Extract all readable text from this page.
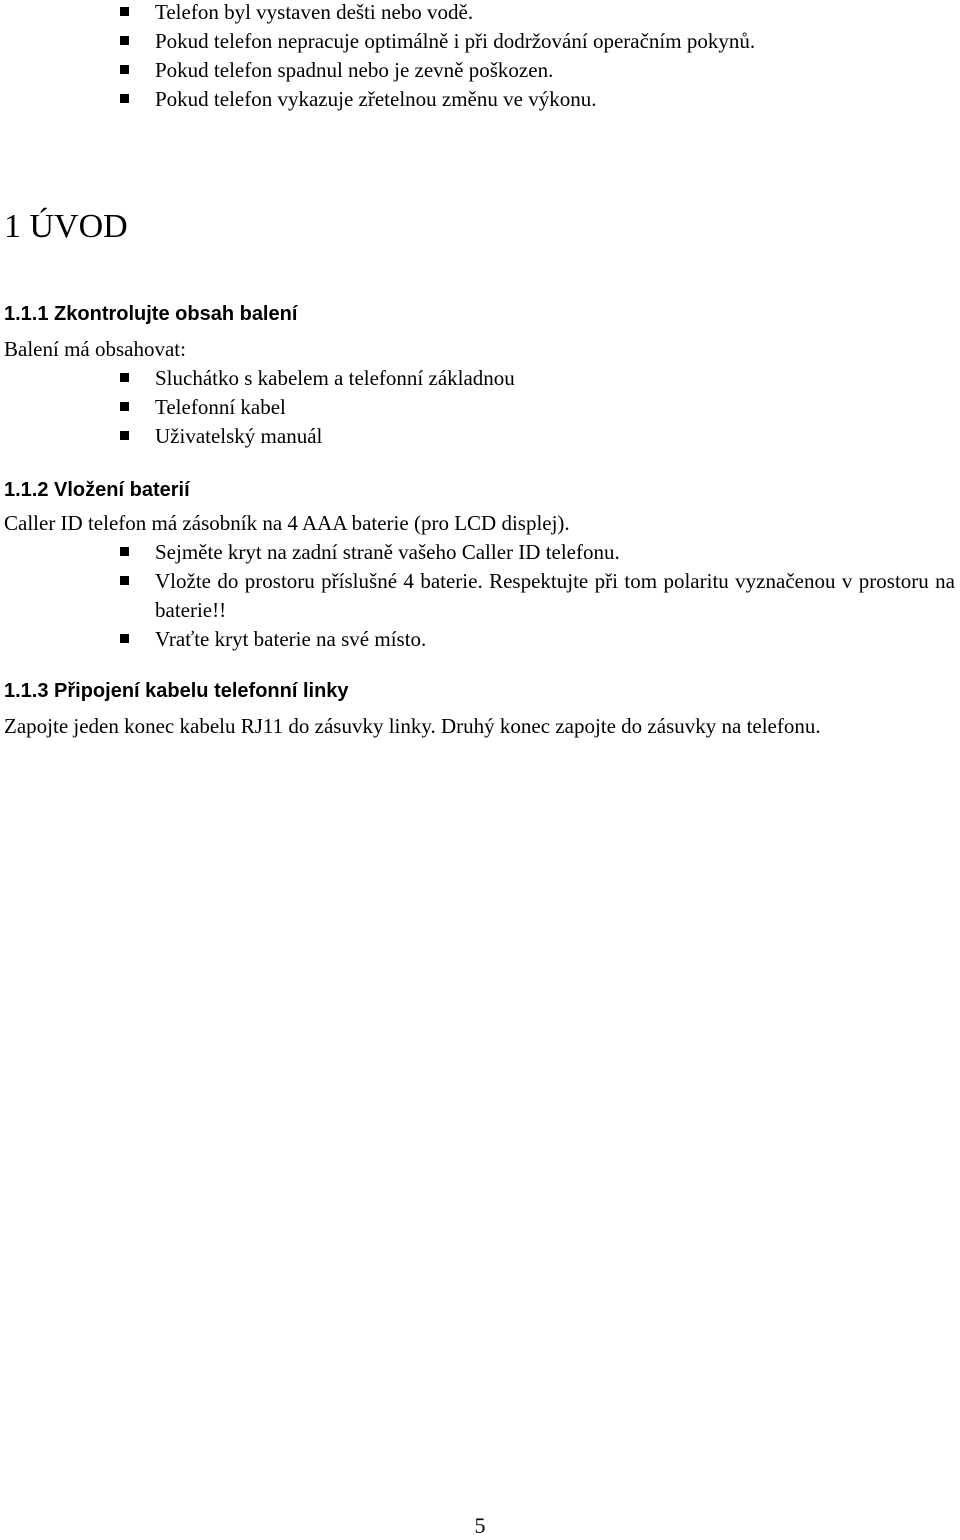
Telefon byl vystaven dešti nebo vodě.
Pokud telefon nepracuje optimálně i při dodržování operačním pokynů.
Pokud telefon spadnul nebo je zevně poškozen.
Pokud telefon vykazuje zřetelnou změnu ve výkonu.
1 ÚVOD
1.1.1 Zkontrolujte obsah balení

Balení má obsahovat:

Sluchátko s kabelem a telefonní základnou
Telefonní kabel
Uživatelský manuál
1.1.2 Vložení baterií

Caller ID telefon má zásobník na 4 AAA baterie (pro LCD displej).

Sejměte kryt na zadní straně vašeho Caller ID telefonu.
Vložte do prostoru příslušné 4 baterie. Respektujte při tom polaritu vyznačenou v prostoru na baterie!!
Vraťte kryt baterie na své místo.
1.1.3 Připojení kabelu telefonní linky

Zapojte jeden konec kabelu RJ11 do zásuvky linky. Druhý konec zapojte do zásuvky na telefonu.

5
